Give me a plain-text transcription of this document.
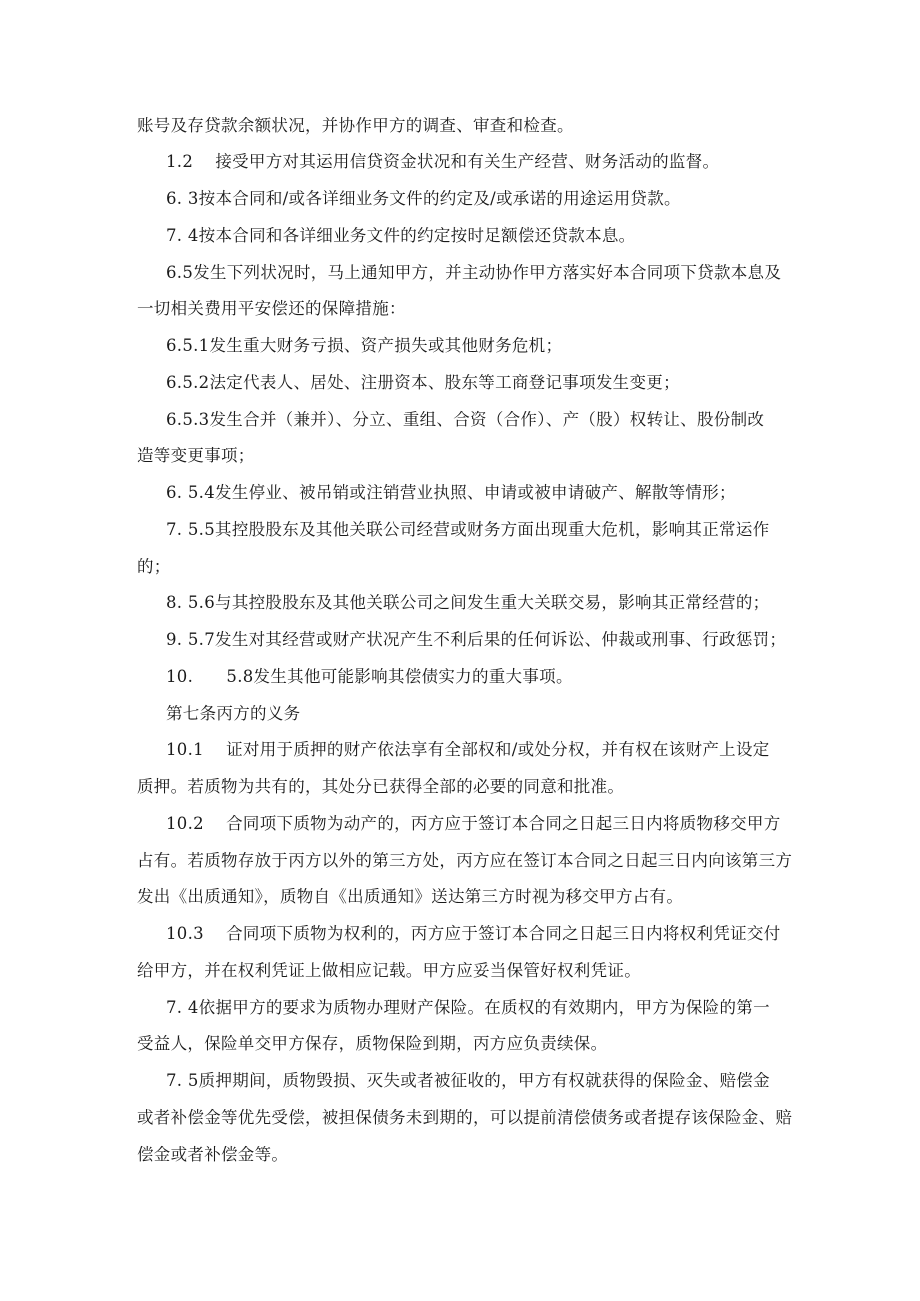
账号及存贷款余额状况，并协作甲方的调查、审查和检查。
1.2    接受甲方对其运用信贷资金状况和有关生产经营、财务活动的监督。
6. 3按本合同和/或各详细业务文件的约定及/或承诺的用途运用贷款。
7. 4按本合同和各详细业务文件的约定按时足额偿还贷款本息。
6.5发生下列状况时，马上通知甲方，并主动协作甲方落实好本合同项下贷款本息及
一切相关费用平安偿还的保障措施：
6.5.1发生重大财务亏损、资产损失或其他财务危机；
6.5.2法定代表人、居处、注册资本、股东等工商登记事项发生变更；
6.5.3发生合并（兼并）、分立、重组、合资（合作）、产（股）权转让、股份制改
造等变更事项；
6. 5.4发生停业、被吊销或注销营业执照、申请或被申请破产、解散等情形；
7. 5.5其控股股东及其他关联公司经营或财务方面出现重大危机，影响其正常运作
的；
8. 5.6与其控股股东及其他关联公司之间发生重大关联交易，影响其正常经营的；
9. 5.7发生对其经营或财产状况产生不利后果的任何诉讼、仲裁或刑事、行政惩罚；
10.      5.8发生其他可能影响其偿债实力的重大事项。
第七条丙方的义务
10.1    证对用于质押的财产依法享有全部权和/或处分权，并有权在该财产上设定
质押。若质物为共有的，其处分已获得全部的必要的同意和批准。
10.2    合同项下质物为动产的，丙方应于签订本合同之日起三日内将质物移交甲方
占有。若质物存放于丙方以外的第三方处，丙方应在签订本合同之日起三日内向该第三方
发出《出质通知》，质物自《出质通知》送达第三方时视为移交甲方占有。
10.3    合同项下质物为权利的，丙方应于签订本合同之日起三日内将权利凭证交付
给甲方，并在权利凭证上做相应记载。甲方应妥当保管好权利凭证。
7. 4依据甲方的要求为质物办理财产保险。在质权的有效期内，甲方为保险的第一
受益人，保险单交甲方保存，质物保险到期，丙方应负责续保。
7. 5质押期间，质物毁损、灭失或者被征收的，甲方有权就获得的保险金、赔偿金
或者补偿金等优先受偿，被担保债务未到期的，可以提前清偿债务或者提存该保险金、赔
偿金或者补偿金等。
